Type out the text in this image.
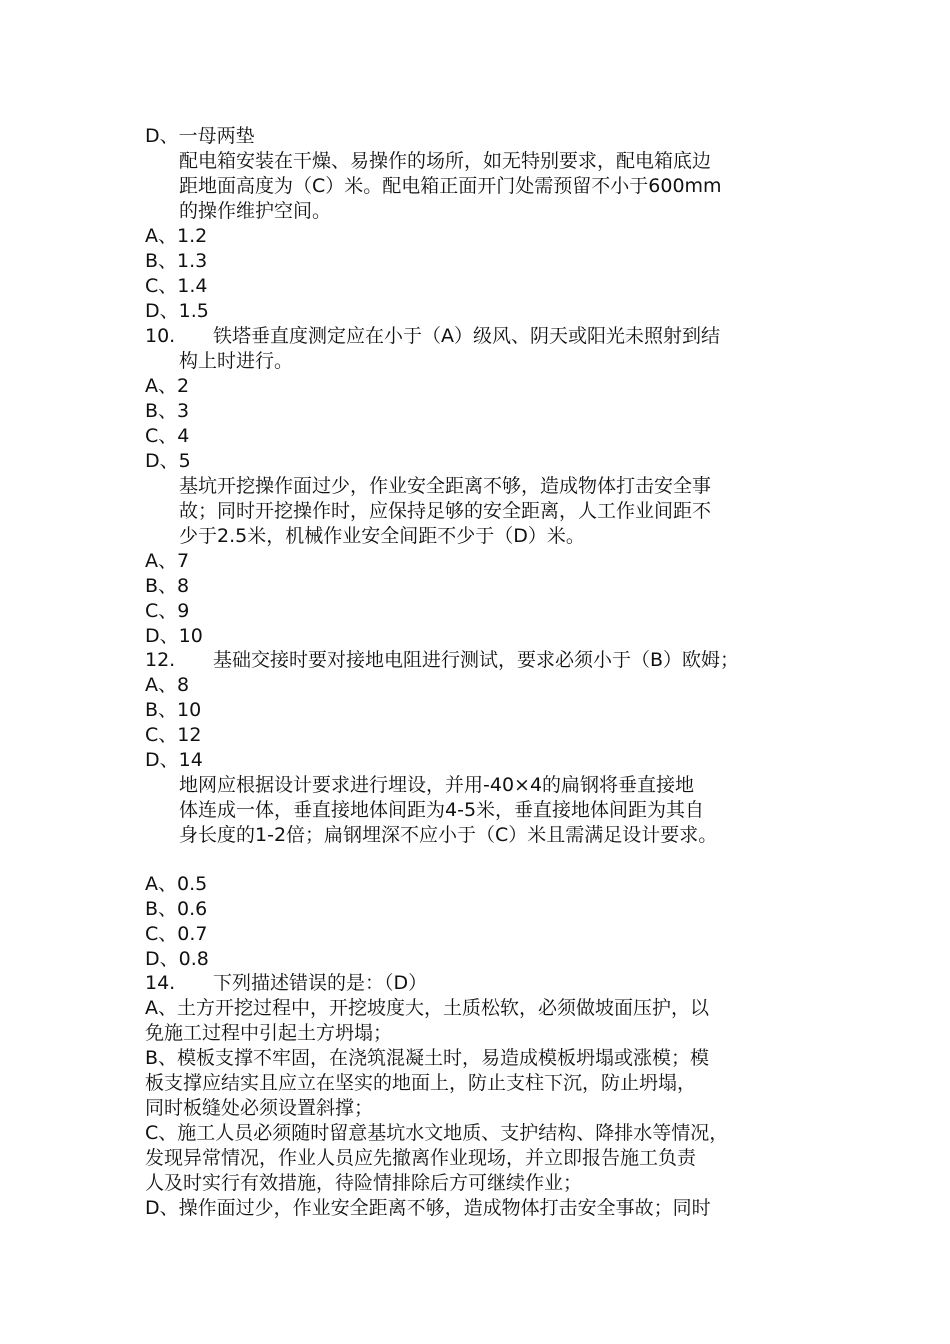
D、一母两垫
配电箱安装在干燥、易操作的场所，如无特别要求，配电箱底边
距地面高度为（C）米。配电箱正面开门处需预留不小于600mm
的操作维护空间。
A、1.2
B、1.3
C、1.4
D、1.5
10. 铁塔垂直度测定应在小于（A）级风、阴天或阳光未照射到结
构上时进行。
A、2
B、3
C、4
D、5
基坑开挖操作面过少，作业安全距离不够，造成物体打击安全事
故；同时开挖操作时，应保持足够的安全距离，人工作业间距不
少于2.5米，机械作业安全间距不少于（D）米。
A、7
B、8
C、9
D、10
12. 基础交接时要对接地电阻进行测试，要求必须小于（B）欧姆；
A、8
B、10
C、12
D、14
地网应根据设计要求进行埋设，并用-40×4的扁钢将垂直接地
体连成一体，垂直接地体间距为4-5米，垂直接地体间距为其自
身长度的1-2倍；扁钢埋深不应小于（C）米且需满足设计要求。
A、0.5
B、0.6
C、0.7
D、0.8
14. 下列描述错误的是：（D）
A、土方开挖过程中，开挖坡度大，土质松软，必须做坡面压护，以
免施工过程中引起土方坍塌；
B、模板支撑不牢固，在浇筑混凝土时，易造成模板坍塌或涨模；模
板支撑应结实且应立在坚实的地面上，防止支柱下沉，防止坍塌，
同时板缝处必须设置斜撑；
C、施工人员必须随时留意基坑水文地质、支护结构、降排水等情况，
发现异常情况，作业人员应先撤离作业现场，并立即报告施工负责
人及时实行有效措施，待险情排除后方可继续作业；
D、操作面过少，作业安全距离不够，造成物体打击安全事故；同时
